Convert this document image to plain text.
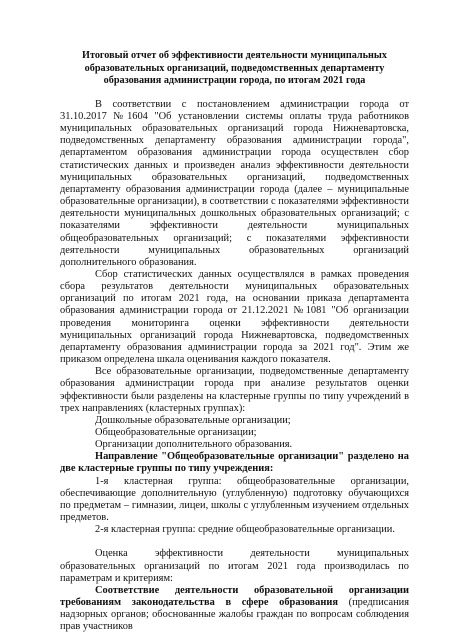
Итоговый отчет об эффективности деятельности муниципальных образовательных организаций, подведомственных департаменту образования администрации города, по итогам 2021 года

В соответствии с постановлением администрации города от 31.10.2017 №1604 "Об установлении системы оплаты труда работников муниципальных образовательных организаций города Нижневартовска, подведомственных департаменту образования администрации города", департаментом образования администрации города осуществлен сбор статистических данных и произведен анализ эффективности деятельности муниципальных образовательных организаций, подведомственных департаменту образования администрации города (далее – муниципальные образовательные организации), в соответствии с показателями эффективности деятельности муниципальных дошкольных образовательных организаций; с показателями эффективности деятельности муниципальных общеобразовательных организаций; с показателями эффективности деятельности муниципальных образовательных организаций дополнительного образования.

Сбор статистических данных осуществлялся в рамках проведения сбора результатов деятельности муниципальных образовательных организаций по итогам 2021 года, на основании приказа департамента образования администрации города от 21.12.2021 №1081 "Об организации проведения мониторинга оценки эффективности деятельности муниципальных организаций города Нижневартовска, подведомственных департаменту образования администрации города за 2021 год". Этим же приказом определена шкала оценивания каждого показателя.

Все образовательные организации, подведомственные департаменту образования администрации города при анализе результатов оценки эффективности были разделены на кластерные группы по типу учреждений в трех направлениях (кластерных группах):

Дошкольные образовательные организации;

Общеобразовательные организации;

Организации дополнительного образования.

Направление "Общеобразовательные организации" разделено на две кластерные группы по типу учреждения:

1-я кластерная группа: общеобразовательные организации, обеспечивающие дополнительную (углубленную) подготовку обучающихся по предметам – гимназии, лицеи, школы с углубленным изучением отдельных предметов.

2-я кластерная группа: средние общеобразовательные организации.

Оценка эффективности деятельности муниципальных образовательных организаций по итогам 2021 года производилась по параметрам и критериям:

Соответствие деятельности образовательной организации требованиям законодательства в сфере образования (предписания надзорных органов; обоснованные жалобы граждан по вопросам соблюдения прав участников
